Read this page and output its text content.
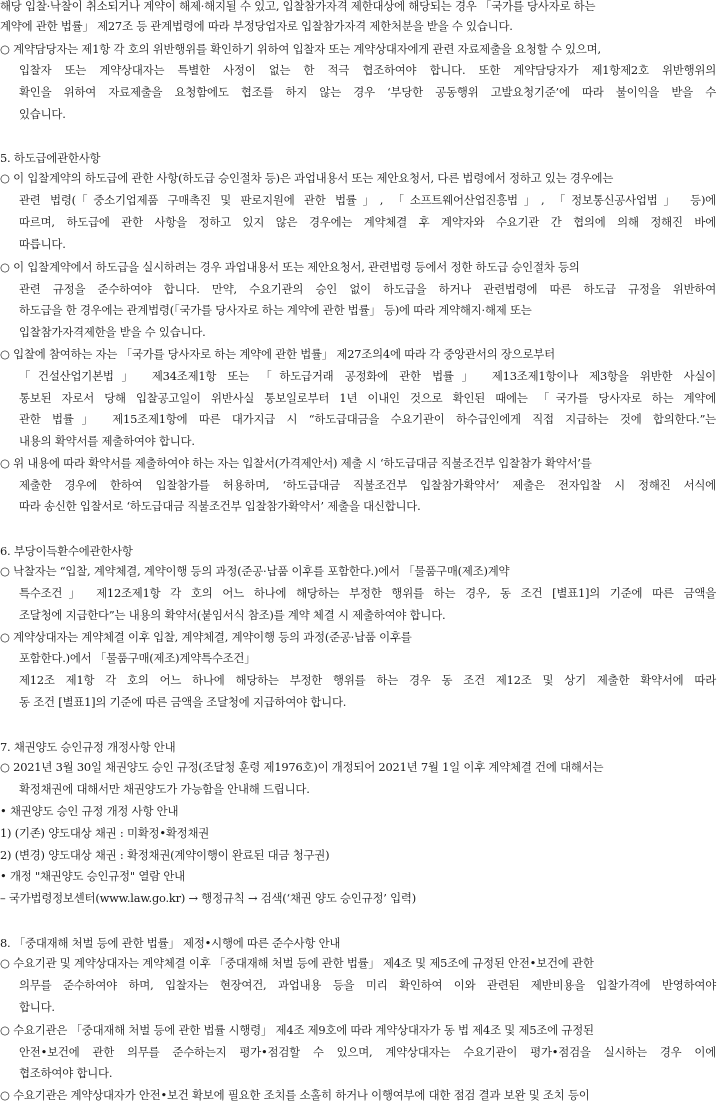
해당 입찰·낙찰이 취소되거나 계약이 해제·해지될 수 있고, 입찰참가자격 제한대상에 해당되는 경우 「국가를 당사자로 하는
계약에 관한 법률」 제27조 등 관계법령에 따라 부정당업자로 입찰참가자격 제한처분을 받을 수 있습니다.
○ 계약담당자는 제1항 각 호의 위반행위를 확인하기 위하여 입찰자 또는 계약상대자에게 관련 자료제출을 요청할 수 있으며,
입찰자 또는 계약상대자는 특별한 사정이 없는 한 적극 협조하여야 합니다. 또한 계약담당자가 제1항제2호 위반행위의
확인을 위하여 자료제출을 요청함에도 협조를 하지 않는 경우 ‘부당한 공동행위 고발요청기준’에 따라 불이익을 받을 수
있습니다.
5. 하도급에관한사항
○ 이 입찰계약의 하도급에 관한 사항(하도급 승인절차 등)은 과업내용서 또는 제안요청서, 다른 법령에서 정하고 있는 경우에는
관련 법령(「중소기업제품 구매촉진 및 판로지원에 관한 법률」, 「소프트웨어산업진흥법」, 「정보통신공사업법」 등)에
따르며, 하도급에 관한 사항을 정하고 있지 않은 경우에는 계약체결 후 계약자와 수요기관 간 협의에 의해 정해진 바에
따릅니다.
○ 이 입찰계약에서 하도급을 실시하려는 경우 과업내용서 또는 제안요청서, 관련법령 등에서 정한 하도급 승인절차 등의
관련 규정을 준수하여야 합니다. 만약, 수요기관의 승인 없이 하도급을 하거나 관련법령에 따른 하도급 규정을 위반하여
하도급을 한 경우에는 관계법령(「국가를 당사자로 하는 계약에 관한 법률」 등)에 따라 계약해지·해제 또는
입찰참가자격제한을 받을 수 있습니다.
○ 입찰에 참여하는 자는 「국가를 당사자로 하는 계약에 관한 법률」 제27조의4에 따라 각 중앙관서의 장으로부터
「건설산업기본법」 제34조제1항 또는 「하도급거래 공정화에 관한 법률」 제13조제1항이나 제3항을 위반한 사실이
통보된 자로서 당해 입찰공고일이 위반사실 통보일로부터 1년 이내인 것으로 확인된 때에는 「국가를 당사자로 하는 계약에
관한 법률」 제15조제1항에 따른 대가지급 시 “하도급대금을 수요기관이 하수급인에게 직접 지급하는 것에 합의한다.”는
내용의 확약서를 제출하여야 합니다.
○ 위 내용에 따라 확약서를 제출하여야 하는 자는 입찰서(가격제안서) 제출 시 ‘하도급대금 직불조건부 입찰참가 확약서’를
제출한 경우에 한하여 입찰참가를 허용하며, ‘하도급대금 직불조건부 입찰참가확약서’ 제출은 전자입찰 시 정해진 서식에
따라 송신한 입찰서로 ‘하도급대금 직불조건부 입찰참가확약서’ 제출을 대신합니다.
6. 부당이득환수에관한사항
○ 낙찰자는 “입찰, 계약체결, 계약이행 등의 과정(준공·납품 이후를 포함한다.)에서 「물품구매(제조)계약
특수조건」 제12조제1항 각 호의 어느 하나에 해당하는 부정한 행위를 하는 경우, 동 조건 [별표1]의 기준에 따른 금액을
조달청에 지급한다”는 내용의 확약서(붙임서식 참조)를 계약 체결 시 제출하여야 합니다.
○ 계약상대자는 계약체결 이후 입찰, 계약체결, 계약이행 등의 과정(준공·납품 이후를
포함한다.)에서 「물품구매(제조)계약특수조건」
제12조 제1항 각 호의 어느 하나에 해당하는 부정한 행위를 하는 경우 동 조건 제12조 및 상기 제출한 확약서에 따라
동 조건 [별표1]의 기준에 따른 금액을 조달청에 지급하여야 합니다.
7. 채권양도 승인규정 개정사항 안내
○ 2021년 3월 30일 채권양도 승인 규정(조달청 훈령 제1976호)이 개정되어 2021년 7월 1일 이후 계약체결 건에 대해서는
확정채권에 대해서만 채권양도가 가능함을 안내해 드립니다.
• 채권양도 승인 규정 개정 사항 안내
1) (기존) 양도대상 채권 : 미확정•확정채권
2) (변경) 양도대상 채권 : 확정채권(계약이행이 완료된 대금 청구권)
• 개정 "채권양도 승인규정" 열람 안내
– 국가법령정보센터(www.law.go.kr) → 행정규칙 → 검색(‘채권 양도 승인규정’ 입력)
8. 「중대재해 처벌 등에 관한 법률」 제정•시행에 따른 준수사항 안내
○ 수요기관 및 계약상대자는 계약체결 이후 「중대재해 처벌 등에 관한 법률」 제4조 및 제5조에 규정된 안전•보건에 관한
의무를 준수하여야 하며, 입찰자는 현장여건, 과업내용 등을 미리 확인하여 이와 관련된 제반비용을 입찰가격에 반영하여야
합니다.
○ 수요기관은 「중대재해 처벌 등에 관한 법률 시행령」 제4조 제9호에 따라 계약상대자가 동 법 제4조 및 제5조에 규정된
안전•보건에 관한 의무를 준수하는지 평가•점검할 수 있으며, 계약상대자는 수요기관이 평가•점검을 실시하는 경우 이에
협조하여야 합니다.
○ 수요기관은 계약상대자가 안전•보건 확보에 필요한 조치를 소홀히 하거나 이행여부에 대한 점검 결과 보완 및 조치 등이
